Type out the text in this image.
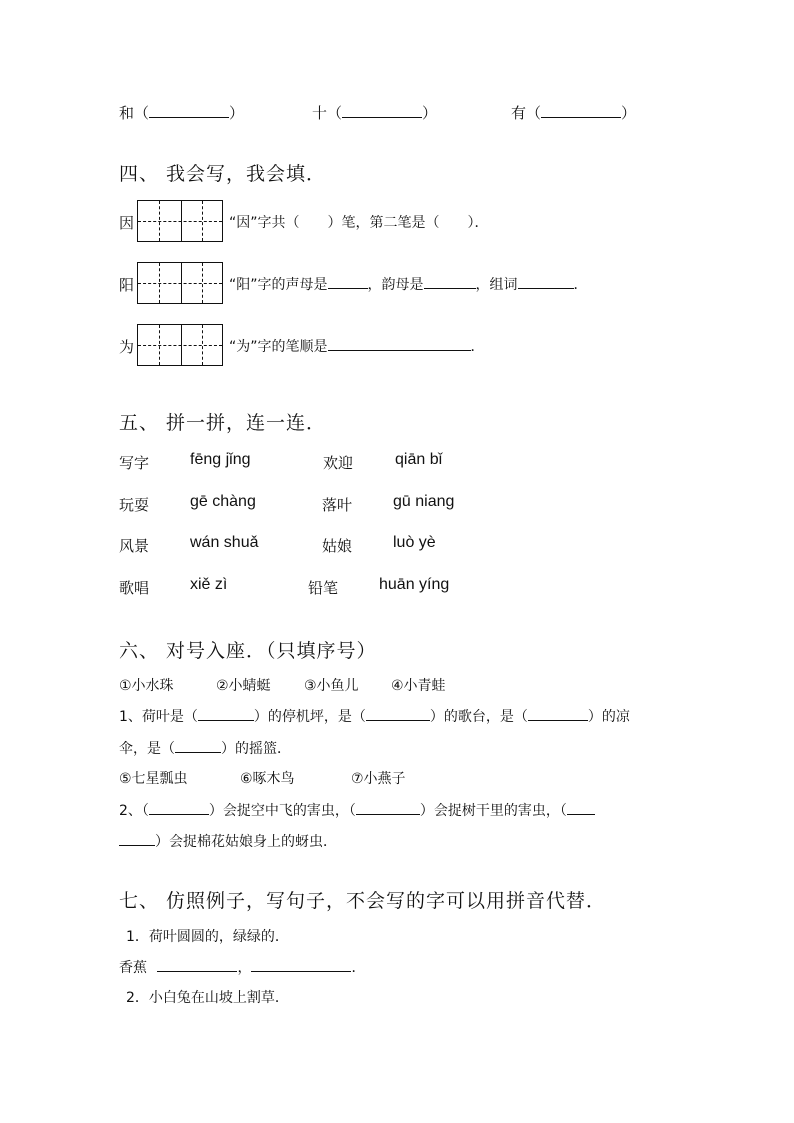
和（	）	十（	）	有（	）
四、 我会写，我会填．
因	“因”字共（　　）笔，第二笔是（　　）．
阳	“阳”字的声母是	，韵母是	，组词	．
为	“为”字的笔顺是	．
五、 拼一拼，连一连．
写字	fēng jǐng	欢迎	qiān bǐ
玩耍	gē chàng	落叶	gū niang
风景	wán shuǎ	姑娘	luò yè
歌唱	xiě zì	铅笔	huān yíng
六、 对号入座．（只填序号）
①小水珠	②小蜻蜓 ③小鱼儿 ④小青蛙
1、荷叶是（	）的停机坪，是（	）的歌台，是（	）的凉
伞，是（	）的摇篮．
⑤七星瓢虫	⑥啄木鸟	⑦小燕子
2、（	）会捉空中飞的害虫，（	）会捉树干里的害虫，（
）会捉棉花姑娘身上的蚜虫．
七、 仿照例子，写句子，不会写的字可以用拼音代替．
1．荷叶圆圆的，绿绿的．
香蕉	，	．
2．小白兔在山坡上割草．
